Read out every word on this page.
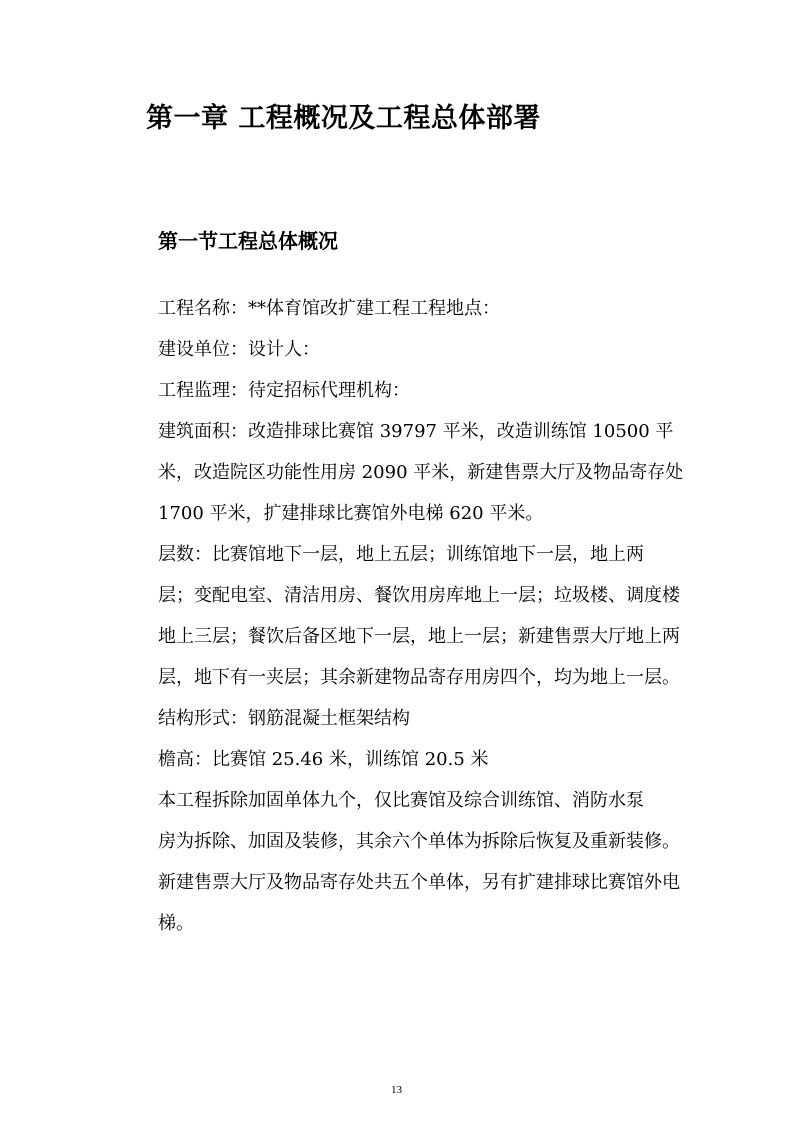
第一章 工程概况及工程总体部署
第一节工程总体概况

工程名称：**体育馆改扩建工程工程地点：

建设单位：设计人：

工程监理：待定招标代理机构：

建筑面积：改造排球比赛馆 39797 平米，改造训练馆 10500 平
米，改造院区功能性用房 2090 平米，新建售票大厅及物品寄存处
1700 平米，扩建排球比赛馆外电梯 620 平米。

层数：比赛馆地下一层，地上五层；训练馆地下一层，地上两
层；变配电室、清洁用房、餐饮用房库地上一层；垃圾楼、调度楼
地上三层；餐饮后备区地下一层，地上一层；新建售票大厅地上两
层，地下有一夹层；其余新建物品寄存用房四个，均为地上一层。

结构形式：钢筋混凝土框架结构

檐高：比赛馆 25.46 米，训练馆 20.5 米

本工程拆除加固单体九个，仅比赛馆及综合训练馆、消防水泵
房为拆除、加固及装修，其余六个单体为拆除后恢复及重新装修。
新建售票大厅及物品寄存处共五个单体，另有扩建排球比赛馆外电
梯。

13
